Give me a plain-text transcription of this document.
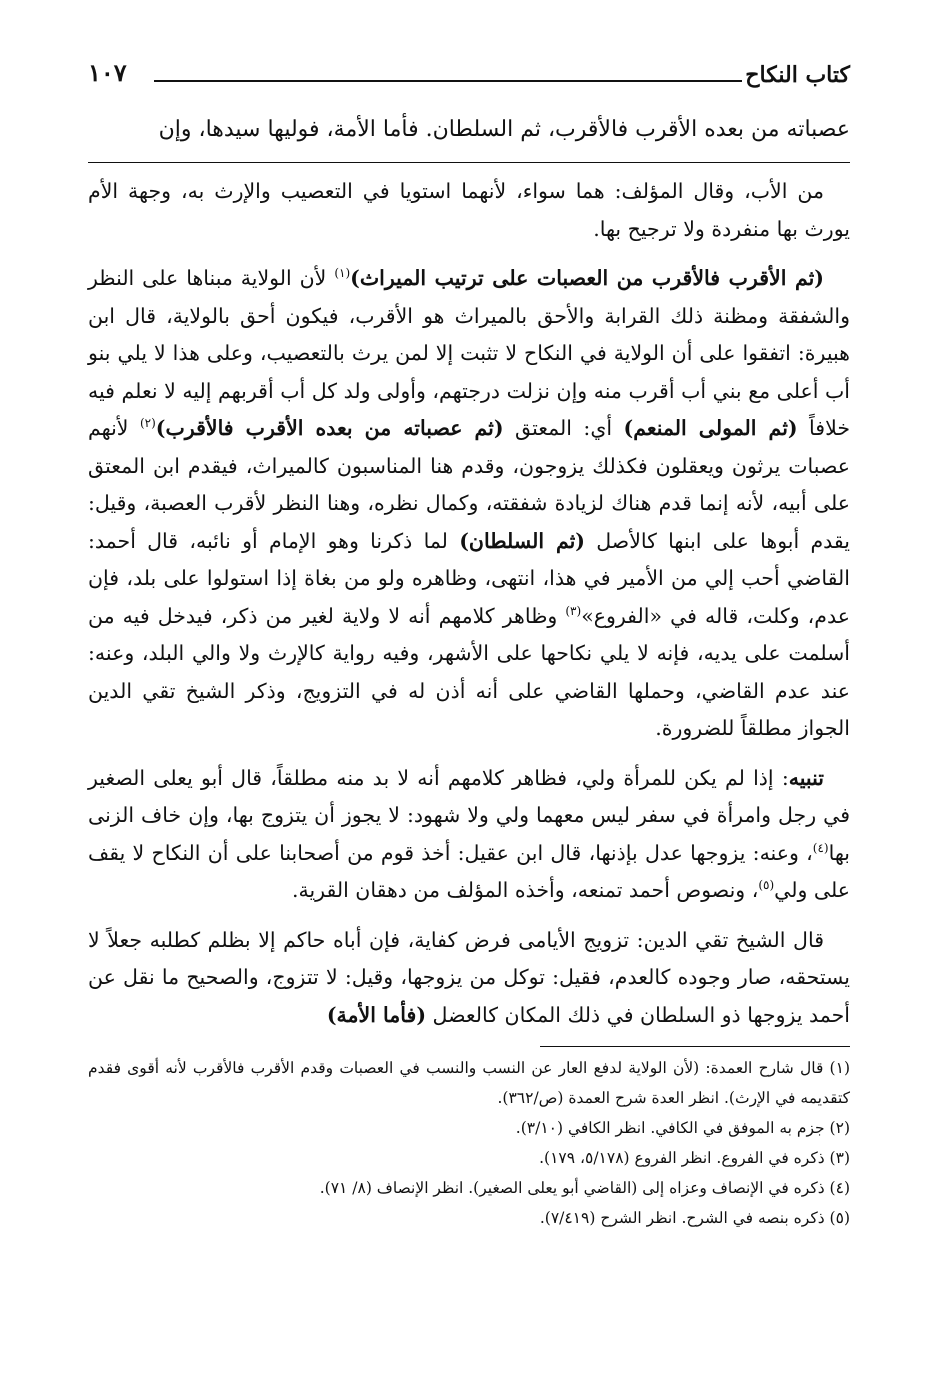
كتاب النكاح
١٠٧
عصباته من بعده الأقرب فالأقرب، ثم السلطان. فأما الأمة، فوليها سيدها، وإن

من الأب، وقال المؤلف: هما سواء، لأنهما استويا في التعصيب والإرث به، وجهة الأم يورث بها منفردة ولا ترجيح بها.

(ثم الأقرب فالأقرب من العصبات على ترتيب الميراث)$^{(١)}$ لأن الولاية مبناها على النظر والشفقة ومظنة ذلك القرابة والأحق بالميراث هو الأقرب، فيكون أحق بالولاية، قال ابن هبيرة: اتفقوا على أن الولاية في النكاح لا تثبت إلا لمن يرث بالتعصيب، وعلى هذا لا يلي بنو أب أعلى مع بني أب أقرب منه وإن نزلت درجتهم، وأولى ولد كل أب أقربهم إليه لا نعلم فيه خلافاً (ثم المولى المنعم) أي: المعتق (ثم عصباته من بعده الأقرب فالأقرب)$^{(٢)}$ لأنهم عصبات يرثون ويعقلون فكذلك يزوجون، وقدم هنا المناسبون كالميراث، فيقدم ابن المعتق على أبيه، لأنه إنما قدم هناك لزيادة شفقته، وكمال نظره، وهنا النظر لأقرب العصبة، وقيل: يقدم أبوها على ابنها كالأصل (ثم السلطان) لما ذكرنا وهو الإمام أو نائبه، قال أحمد: القاضي أحب إلي من الأمير في هذا، انتهى، وظاهره ولو من بغاة إذا استولوا على بلد، فإن عدم، وكلت، قاله في «الفروع»$^{(٣)}$ وظاهر كلامهم أنه لا ولاية لغير من ذكر، فيدخل فيه من أسلمت على يديه، فإنه لا يلي نكاحها على الأشهر، وفيه رواية كالإرث ولا والي البلد، وعنه: عند عدم القاضي، وحملها القاضي على أنه أذن له في التزويج، وذكر الشيخ تقي الدين الجواز مطلقاً للضرورة.

تنبيه: إذا لم يكن للمرأة ولي، فظاهر كلامهم أنه لا بد منه مطلقاً، قال أبو يعلى الصغير في رجل وامرأة في سفر ليس معهما ولي ولا شهود: لا يجوز أن يتزوج بها، وإن خاف الزنى بها$^{(٤)}$، وعنه: يزوجها عدل بإذنها، قال ابن عقيل: أخذ قوم من أصحابنا على أن النكاح لا يقف على ولي$^{(٥)}$، ونصوص أحمد تمنعه، وأخذه المؤلف من دهقان القرية.

قال الشيخ تقي الدين: تزويج الأيامى فرض كفاية، فإن أباه حاكم إلا بظلم كطلبه جعلاً لا يستحقه، صار وجوده كالعدم، فقيل: توكل من يزوجها، وقيل: لا تتزوج، والصحيح ما نقل عن أحمد يزوجها ذو السلطان في ذلك المكان كالعضل (فأما الأمة)

(١) قال شارح العمدة: (لأن الولاية لدفع العار عن النسب والنسب في العصبات وقدم الأقرب فالأقرب لأنه أقوى فقدم كتقديمه في الإرث). انظر العدة شرح العمدة (ص/٣٦٢).

(٢) جزم به الموفق في الكافي. انظر الكافي (٣/١٠).

(٣) ذكره في الفروع. انظر الفروع (٥/١٧٨، ١٧٩).

(٤) ذكره في الإنصاف وعزاه إلى (القاضي أبو يعلى الصغير). انظر الإنصاف (٨/ ٧١).

(٥) ذكره بنصه في الشرح. انظر الشرح (٧/٤١٩).
